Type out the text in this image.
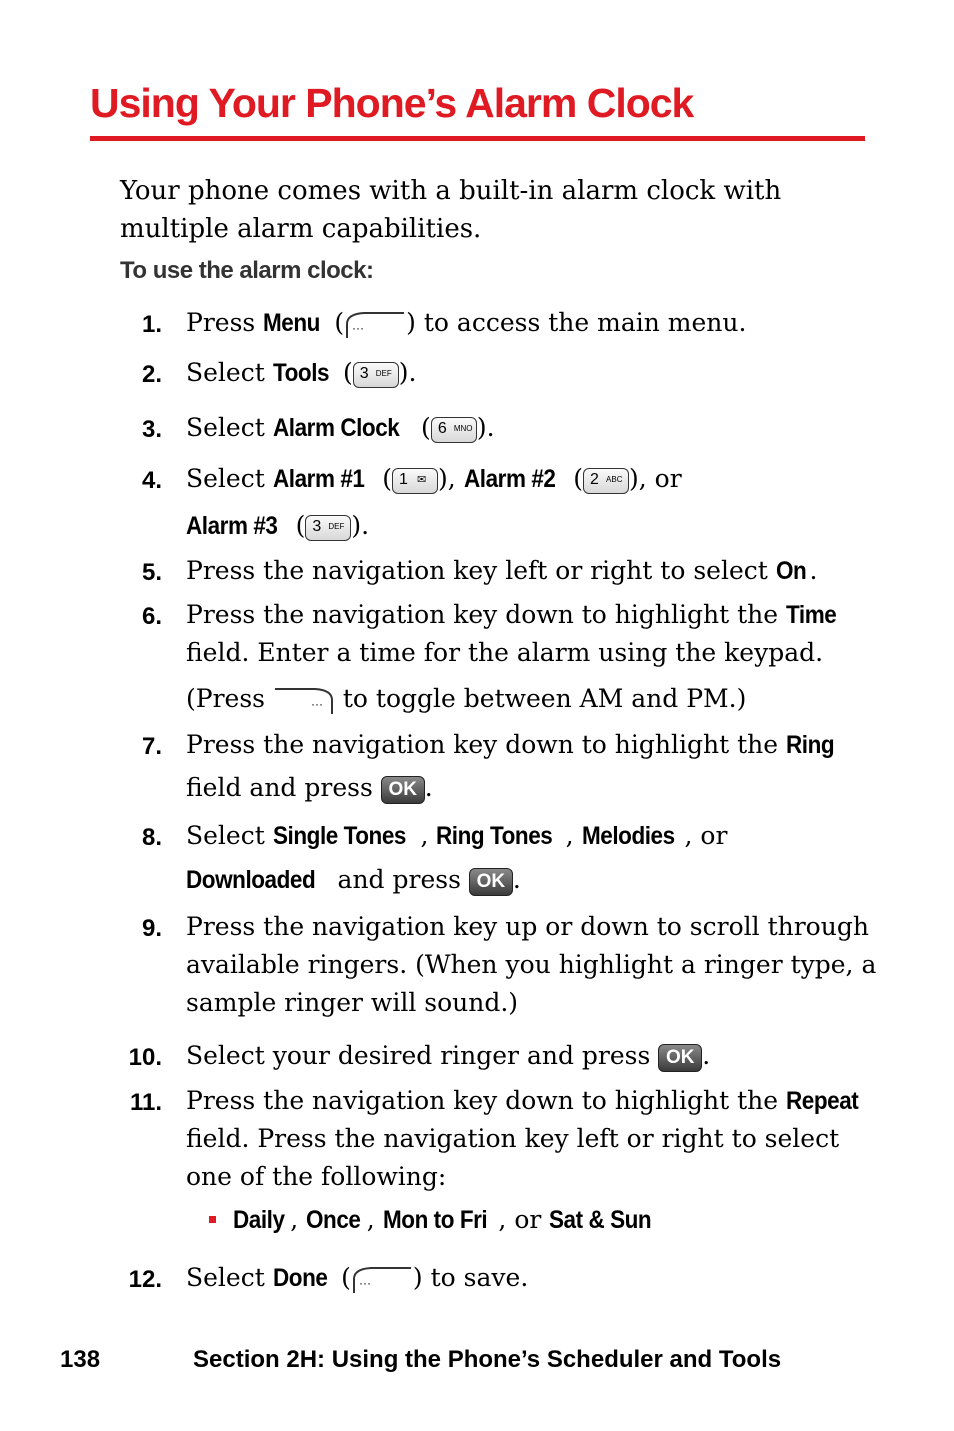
Using Your Phone’s Alarm Clock
Your phone comes with a built-in alarm clock with
multiple alarm capabilities.
To use the alarm clock:
1. Press Menu ( ··· ) to access the main menu.
2. Select Tools ( 3 DEF ).
3. Select Alarm Clock ( 6 MNO ).
4. Select Alarm #1 ( 1 ✉ ), Alarm #2 ( 2 ABC ), or
Alarm #3 ( 3 DEF ).
5. Press the navigation key left or right to select On .
6. Press the navigation key down to highlight the Time
field. Enter a time for the alarm using the keypad.
(Press	··· to toggle between AM and PM.)
7. Press the navigation key down to highlight the Ring
field and press OK .
8. Select Single Tones , Ring Tones , Melodies , or
Downloaded and press OK .
9. Press the navigation key up or down to scroll through
available ringers. (When you highlight a ringer type, a
sample ringer will sound.)
10. Select your desired ringer and press OK .
11. Press the navigation key down to highlight the Repeat
field. Press the navigation key left or right to select
one of the following:
Daily , Once , Mon to Fri , or Sat & Sun
12. Select Done ( ··· ) to save.
138	Section 2H: Using the Phone’s Scheduler and Tools
